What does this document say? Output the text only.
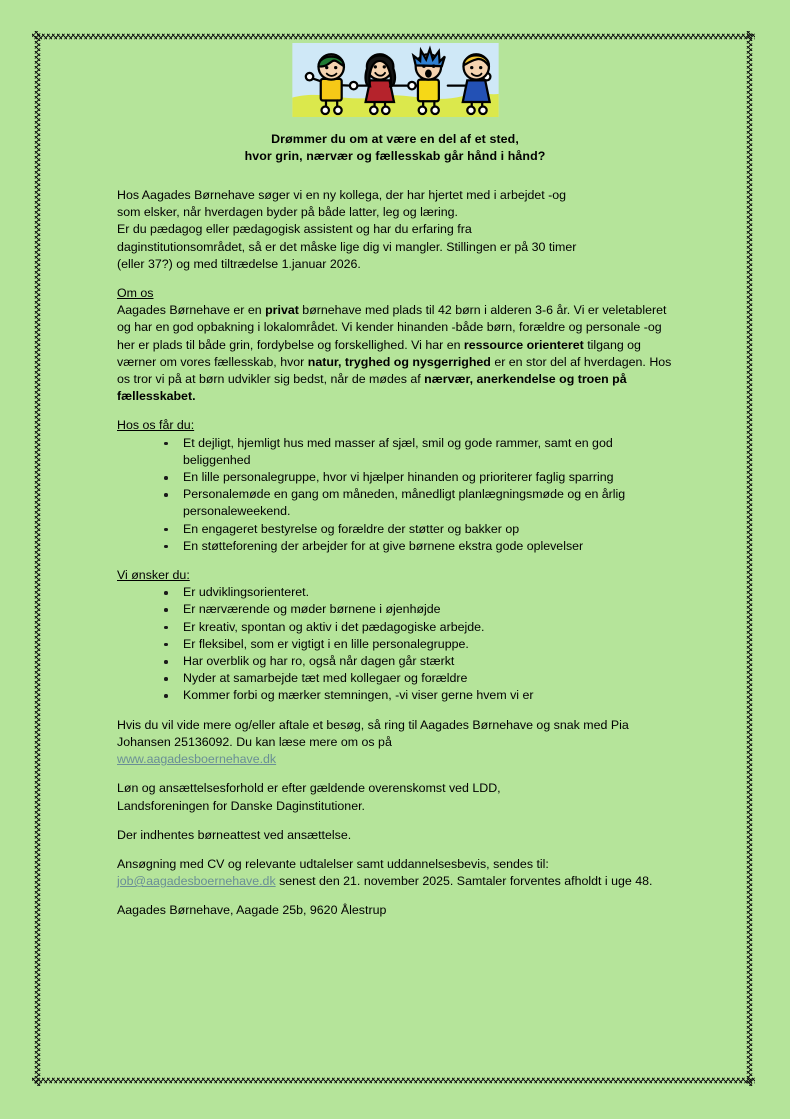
Drømmer du om at være en del af et sted,
hvor grin, nærvær og fællesskab går hånd i hånd?

Hos Aagades Børnehave søger vi en ny kollega, der har hjertet med i arbejdet -og
som elsker, når hverdagen byder på både latter, leg og læring.
Er du pædagog eller pædagogisk assistent og har du erfaring fra
daginstitutionsområdet, så er det måske lige dig vi mangler. Stillingen er på 30 timer
(eller 37?) og med tiltrædelse 1.januar 2026.

Om os
Aagades Børnehave er en privat børnehave med plads til 42 børn i alderen 3-6 år. Vi er veletableret og har en god opbakning i lokalområdet. Vi kender hinanden -både børn, forældre og personale -og her er plads til både grin, fordybelse og forskellighed. Vi har en ressource orienteret tilgang og værner om vores fællesskab, hvor natur, tryghed og nysgerrighed er en stor del af hverdagen. Hos os tror vi på at børn udvikler sig bedst, når de mødes af nærvær, anerkendelse og troen på fællesskabet.

Hos os får du:

Et dejligt, hjemligt hus med masser af sjæl, smil og gode rammer, samt en god beliggenhed
En lille personalegruppe, hvor vi hjælper hinanden og prioriterer faglig sparring
Personalemøde en gang om måneden, månedligt planlægningsmøde og en årlig personaleweekend.
En engageret bestyrelse og forældre der støtter og bakker op
En støtteforening der arbejder for at give børnene ekstra gode oplevelser

Vi ønsker du:

Er udviklingsorienteret.
Er nærværende og møder børnene i øjenhøjde
Er kreativ, spontan og aktiv i det pædagogiske arbejde.
Er fleksibel, som er vigtigt i en lille personalegruppe.
Har overblik og har ro, også når dagen går stærkt
Nyder at samarbejde tæt med kollegaer og forældre
Kommer forbi og mærker stemningen, -vi viser gerne hvem vi er

Hvis du vil vide mere og/eller aftale et besøg, så ring til Aagades Børnehave og snak med Pia Johansen 25136092. Du kan læse mere om os på
www.aagadesboernehave.dk

Løn og ansættelsesforhold er efter gældende overenskomst ved LDD,
Landsforeningen for Danske Daginstitutioner.

Der indhentes børneattest ved ansættelse.

Ansøgning med CV og relevante udtalelser samt uddannelsesbevis, sendes til:
job@aagadesboernehave.dk senest den 21. november 2025. Samtaler forventes afholdt i uge 48.

Aagades Børnehave, Aagade 25b, 9620 Ålestrup
